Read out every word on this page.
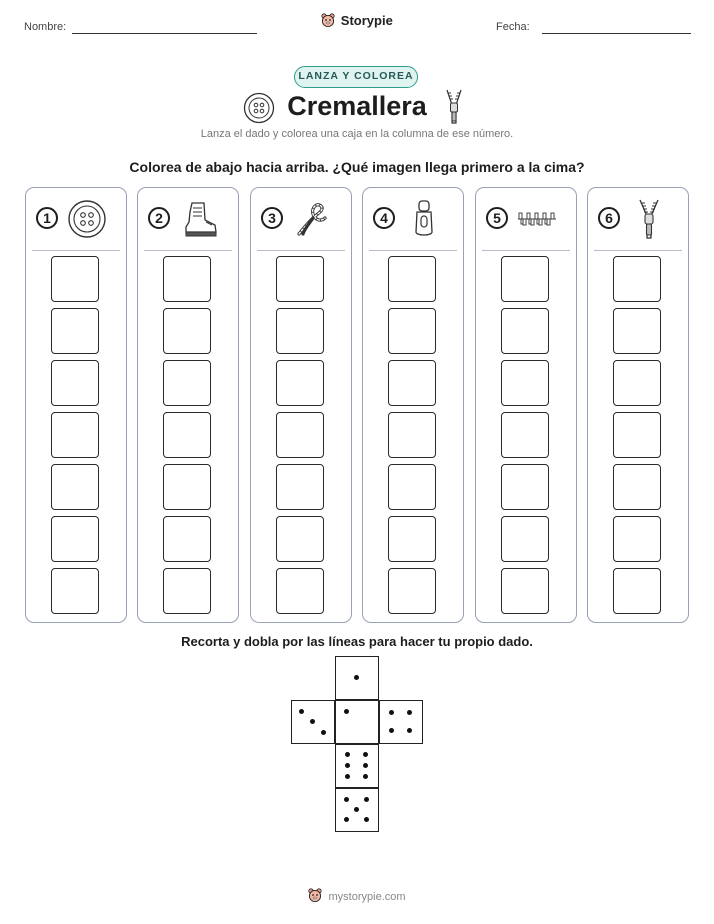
Nombre:	Storypie	Fecha:
LANZA Y COLOREA
Cremallera
Lanza el dado y colorea una caja en la columna de ese número.
Colorea de abajo hacia arriba. ¿Qué imagen llega primero a la cima?
1	2	3	4	5	6
Recorta y dobla por las líneas para hacer tu propio dado.
mystorypie.com
